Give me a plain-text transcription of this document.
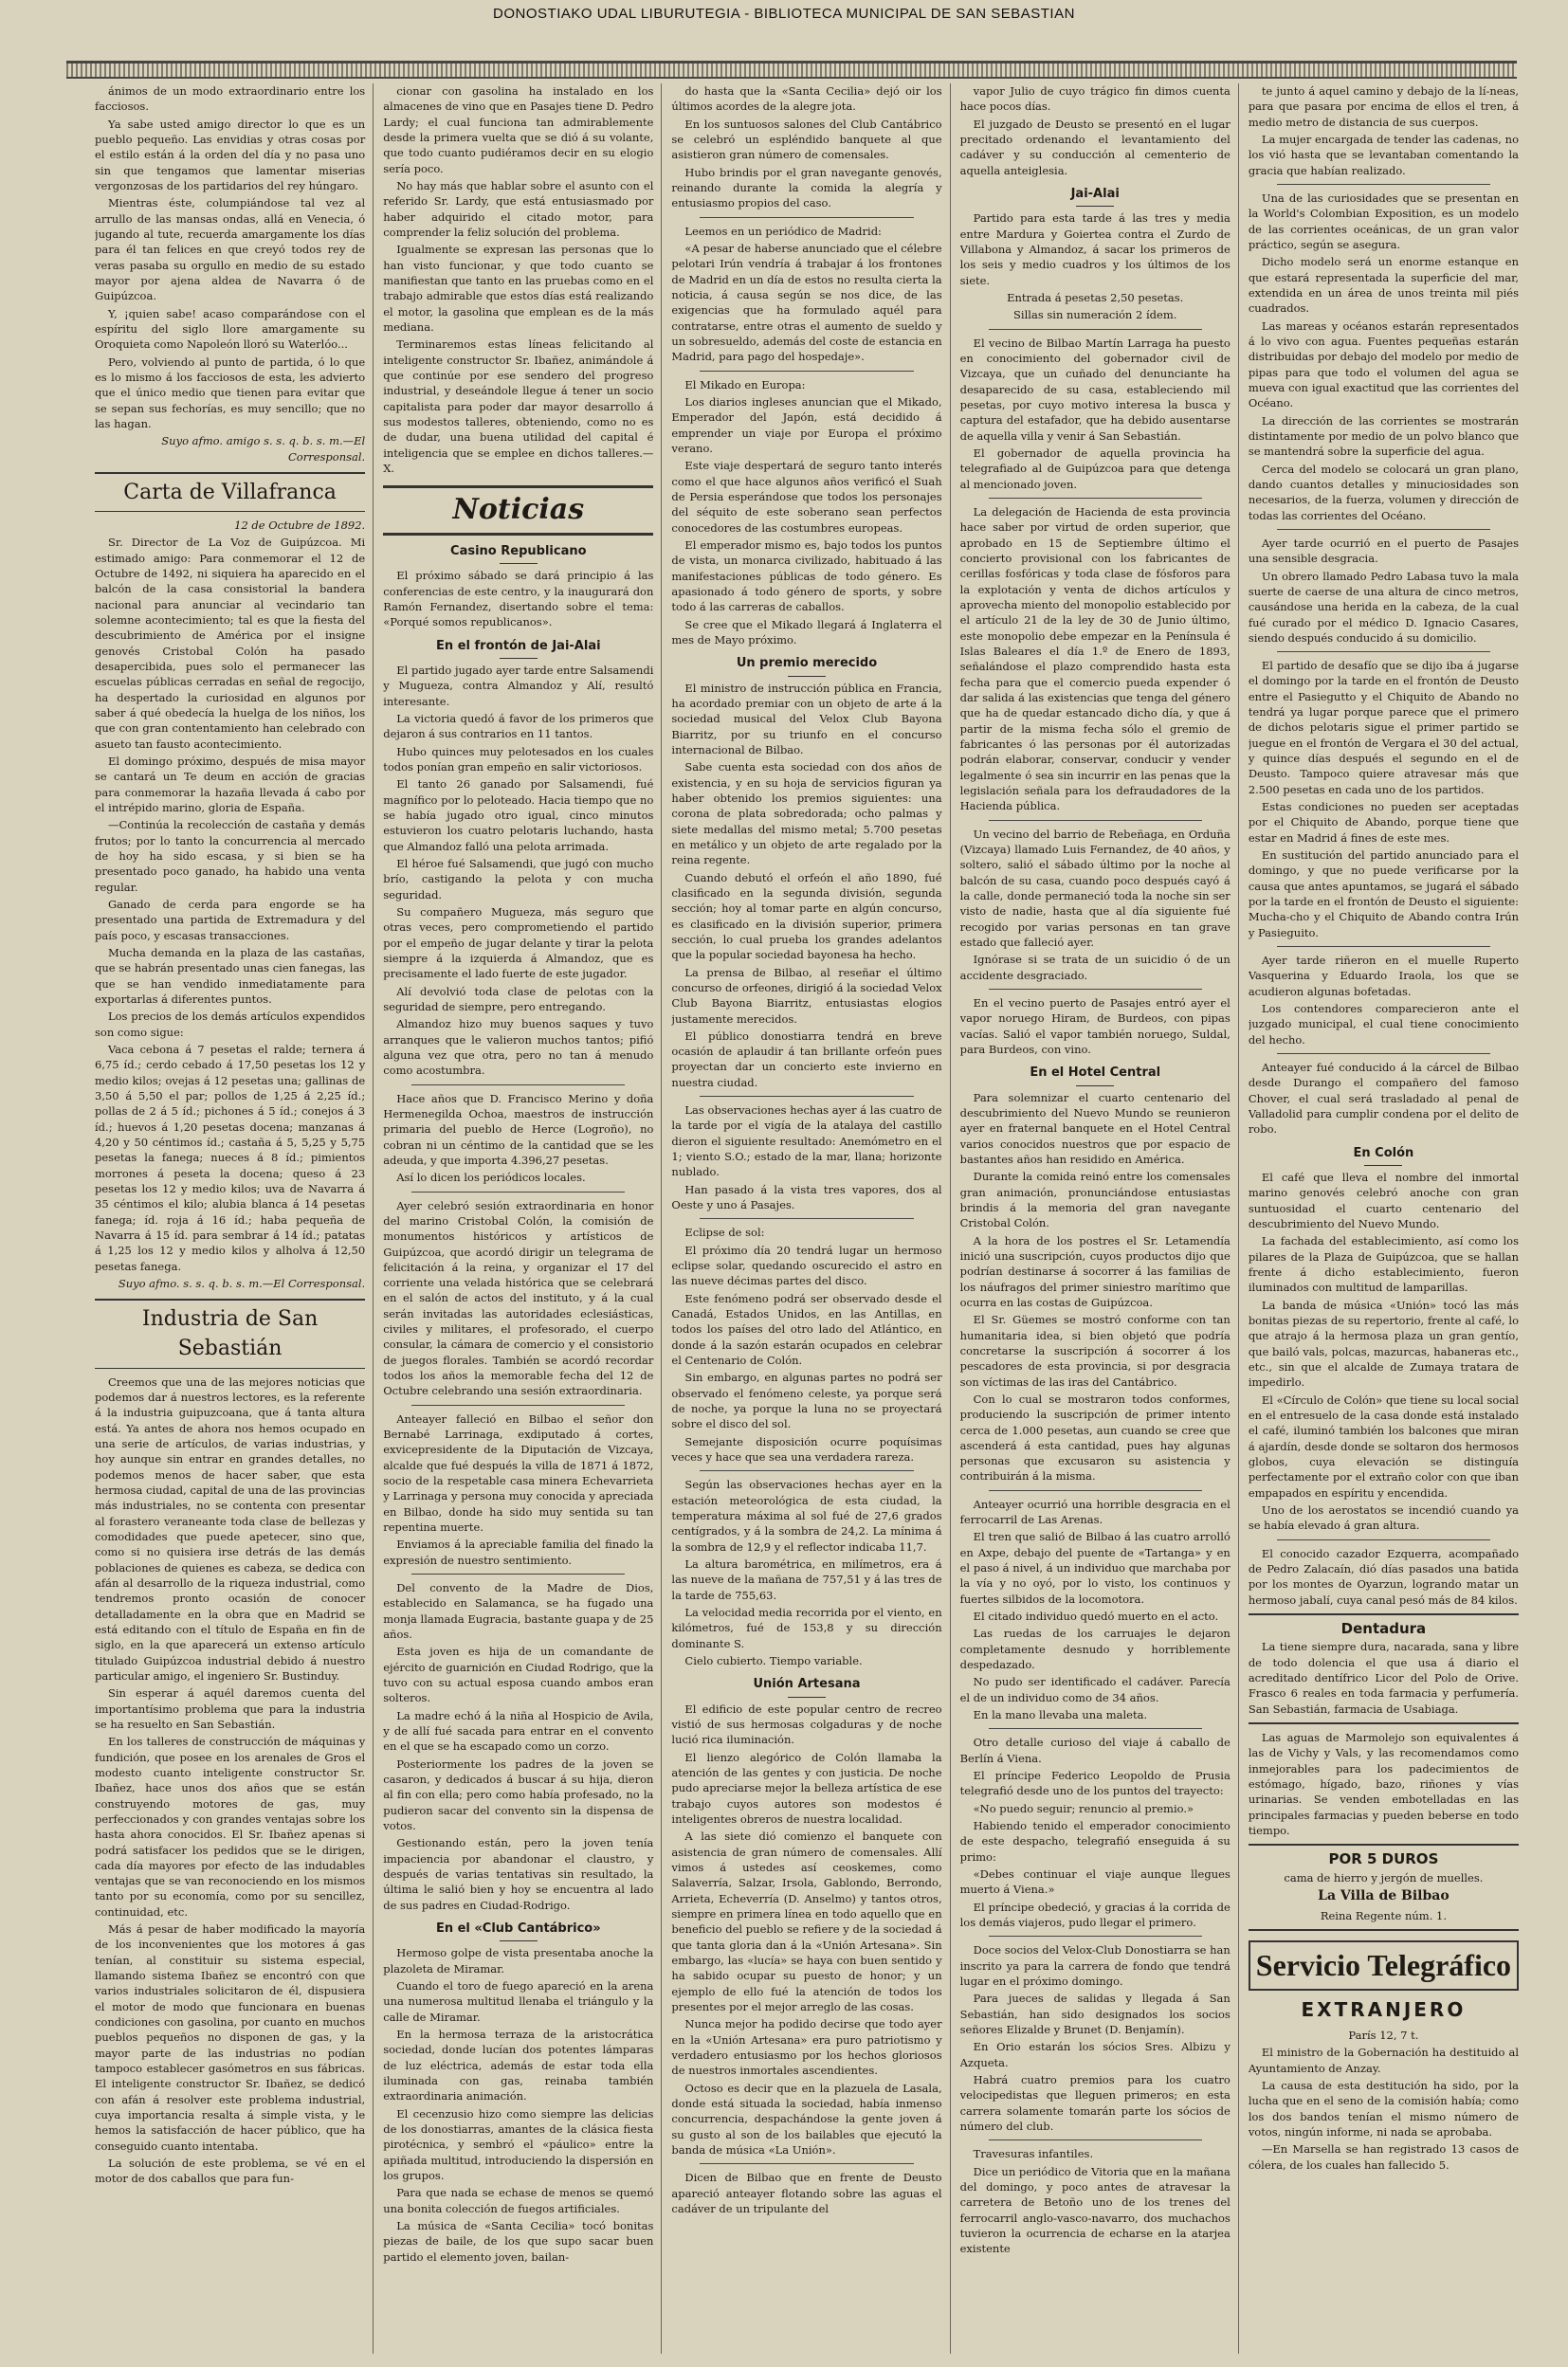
DONOSTIAKO UDAL LIBURUTEGIA - BIBLIOTECA MUNICIPAL DE SAN SEBASTIAN

ánimos de un modo extraordinario entre los facciosos.

Ya sabe usted amigo director lo que es un pueblo pequeño. Las envidias y otras cosas por el estilo están á la orden del día y no pasa uno sin que tengamos que lamentar miserias vergonzosas de los partidarios del rey húngaro.

Mientras éste, columpiándose tal vez al arrullo de las mansas ondas, allá en Venecia, ó jugando al tute, recuerda amargamente los días para él tan felices en que creyó todos rey de veras pasaba su orgullo en medio de su estado mayor por ajena aldea de Navarra ó de Guipúzcoa.

Y, ¡quien sabe! acaso comparándose con el espíritu del siglo llore amargamente su Oroquieta como Napoleón lloró su Waterlóo...

Pero, volviendo al punto de partida, ó lo que es lo mismo á los facciosos de esta, les advierto que el único medio que tienen para evitar que se sepan sus fechorías, es muy sencillo; que no las hagan.

Suyo afmo. amigo s. s. q. b. s. m.—El Corresponsal.

Carta de Villafranca

12 de Octubre de 1892.

Sr. Director de La Voz de Guipúzcoa. Mi estimado amigo: Para conmemorar el 12 de Octubre de 1492, ni siquiera ha aparecido en el balcón de la casa consistorial la bandera nacional para anunciar al vecindario tan solemne acontecimiento; tal es que la fiesta del descubrimiento de América por el insigne genovés Cristobal Colón ha pasado desapercibida, pues solo el permanecer las escuelas públicas cerradas en señal de regocijo, ha despertado la curiosidad en algunos por saber á qué obedecía la huelga de los niños, los que con gran contentamiento han celebrado con asueto tan fausto acontecimiento.

El domingo próximo, después de misa mayor se cantará un Te deum en acción de gracias para conmemorar la hazaña llevada á cabo por el intrépido marino, gloria de España.

—Continúa la recolección de castaña y demás frutos; por lo tanto la concurrencia al mercado de hoy ha sido escasa, y si bien se ha presentado poco ganado, ha habido una venta regular.

Ganado de cerda para engorde se ha presentado una partida de Extremadura y del país poco, y escasas transacciones.

Mucha demanda en la plaza de las castañas, que se habrán presentado unas cien fanegas, las que se han vendido inmediatamente para exportarlas á diferentes puntos.

Los precios de los demás artículos expendidos son como sigue:

Vaca cebona á 7 pesetas el ralde; ternera á 6,75 íd.; cerdo cebado á 17,50 pesetas los 12 y medio kilos; ovejas á 12 pesetas una; gallinas de 3,50 á 5,50 el par; pollos de 1,25 á 2,25 íd.; pollas de 2 á 5 íd.; pichones á 5 íd.; conejos á 3 íd.; huevos á 1,20 pesetas docena; manzanas á 4,20 y 50 céntimos íd.; castaña á 5, 5,25 y 5,75 pesetas la fanega; nueces á 8 íd.; pimientos morrones á peseta la docena; queso á 23 pesetas los 12 y medio kilos; uva de Navarra á 35 céntimos el kilo; alubia blanca á 14 pesetas fanega; íd. roja á 16 íd.; haba pequeña de Navarra á 15 íd. para sembrar á 14 íd.; patatas á 1,25 los 12 y medio kilos y alholva á 12,50 pesetas fanega.

Suyo afmo. s. s. q. b. s. m.—El Corresponsal.

Industria de San Sebastián

Creemos que una de las mejores noticias que podemos dar á nuestros lectores, es la referente á la industria guipuzcoana, que á tanta altura está. Ya antes de ahora nos hemos ocupado en una serie de artículos, de varias industrias, y hoy aunque sin entrar en grandes detalles, no podemos menos de hacer saber, que esta hermosa ciudad, capital de una de las provincias más industriales, no se contenta con presentar al forastero veraneante toda clase de bellezas y comodidades que puede apetecer, sino que, como si no quisiera irse detrás de las demás poblaciones de quienes es cabeza, se dedica con afán al desarrollo de la riqueza industrial, como tendremos pronto ocasión de conocer detalladamente en la obra que en Madrid se está editando con el título de España en fin de siglo, en la que aparecerá un extenso artículo titulado Guipúzcoa industrial debido á nuestro particular amigo, el ingeniero Sr. Bustinduy.

Sin esperar á aquél daremos cuenta del importantísimo problema que para la industria se ha resuelto en San Sebastián.

En los talleres de construcción de máquinas y fundición, que posee en los arenales de Gros el modesto cuanto inteligente constructor Sr. Ibañez, hace unos dos años que se están construyendo motores de gas, muy perfeccionados y con grandes ventajas sobre los hasta ahora conocidos. El Sr. Ibañez apenas si podrá satisfacer los pedidos que se le dirigen, cada día mayores por efecto de las indudables ventajas que se van reconociendo en los mismos tanto por su economía, como por su sencillez, continuidad, etc.

Más á pesar de haber modificado la mayoría de los inconvenientes que los motores á gas tenían, al constituir su sistema especial, llamando sistema Ibañez se encontró con que varios industriales solicitaron de él, dispusiera el motor de modo que funcionara en buenas condiciones con gasolina, por cuanto en muchos pueblos pequeños no disponen de gas, y la mayor parte de las industrias no podían tampoco establecer gasómetros en sus fábricas. El inteligente constructor Sr. Ibañez, se dedicó con afán á resolver este problema industrial, cuya importancia resalta á simple vista, y le hemos la satisfacción de hacer público, que ha conseguido cuanto intentaba.

La solución de este problema, se vé en el motor de dos caballos que para fun-

cionar con gasolina ha instalado en los almacenes de vino que en Pasajes tiene D. Pedro Lardy; el cual funciona tan admirablemente desde la primera vuelta que se dió á su volante, que todo cuanto pudiéramos decir en su elogio sería poco.

No hay más que hablar sobre el asunto con el referido Sr. Lardy, que está entusiasmado por haber adquirido el citado motor, para comprender la feliz solución del problema.

Igualmente se expresan las personas que lo han visto funcionar, y que todo cuanto se manifiestan que tanto en las pruebas como en el trabajo admirable que estos días está realizando el motor, la gasolina que emplean es de la más mediana.

Terminaremos estas líneas felicitando al inteligente constructor Sr. Ibañez, animándole á que continúe por ese sendero del progreso industrial, y deseándole llegue á tener un socio capitalista para poder dar mayor desarrollo á sus modestos talleres, obteniendo, como no es de dudar, una buena utilidad del capital é inteligencia que se emplee en dichos talleres.—X.

Noticias
Casino Republicano

El próximo sábado se dará principio á las conferencias de este centro, y la inaugurará don Ramón Fernandez, disertando sobre el tema: «Porqué somos republicanos».

En el frontón de Jai-Alai

El partido jugado ayer tarde entre Salsamendi y Mugueza, contra Almandoz y Alí, resultó interesante.

La victoria quedó á favor de los primeros que dejaron á sus contrarios en 11 tantos.

Hubo quinces muy pelotesados en los cuales todos ponían gran empeño en salir victoriosos.

El tanto 26 ganado por Salsamendi, fué magnífico por lo peloteado. Hacia tiempo que no se había jugado otro igual, cinco minutos estuvieron los cuatro pelotaris luchando, hasta que Almandoz falló una pelota arrimada.

El héroe fué Salsamendi, que jugó con mucho brío, castigando la pelota y con mucha seguridad.

Su compañero Mugueza, más seguro que otras veces, pero comprometiendo el partido por el empeño de jugar delante y tirar la pelota siempre á la izquierda á Almandoz, que es precisamente el lado fuerte de este jugador.

Alí devolvió toda clase de pelotas con la seguridad de siempre, pero entregando.

Almandoz hizo muy buenos saques y tuvo arranques que le valieron muchos tantos; pifió alguna vez que otra, pero no tan á menudo como acostumbra.

Hace años que D. Francisco Merino y doña Hermenegilda Ochoa, maestros de instrucción primaria del pueblo de Herce (Logroño), no cobran ni un céntimo de la cantidad que se les adeuda, y que importa 4.396,27 pesetas.

Así lo dicen los periódicos locales.

Ayer celebró sesión extraordinaria en honor del marino Cristobal Colón, la comisión de monumentos históricos y artísticos de Guipúzcoa, que acordó dirigir un telegrama de felicitación á la reina, y organizar el 17 del corriente una velada histórica que se celebrará en el salón de actos del instituto, y á la cual serán invitadas las autoridades eclesiásticas, civiles y militares, el profesorado, el cuerpo consular, la cámara de comercio y el consistorio de juegos florales. También se acordó recordar todos los años la memorable fecha del 12 de Octubre celebrando una sesión extraordinaria.

Anteayer falleció en Bilbao el señor don Bernabé Larrinaga, exdiputado á cortes, exvicepresidente de la Diputación de Vizcaya, alcalde que fué después la villa de 1871 á 1872, socio de la respetable casa minera Echevarrieta y Larrinaga y persona muy conocida y apreciada en Bilbao, donde ha sido muy sentida su tan repentina muerte.

Enviamos á la apreciable familia del finado la expresión de nuestro sentimiento.

Del convento de la Madre de Dios, establecido en Salamanca, se ha fugado una monja llamada Eugracia, bastante guapa y de 25 años.

Esta joven es hija de un comandante de ejército de guarnición en Ciudad Rodrigo, que la tuvo con su actual esposa cuando ambos eran solteros.

La madre echó á la niña al Hospicio de Avila, y de allí fué sacada para entrar en el convento en el que se ha escapado como un corzo.

Posteriormente los padres de la joven se casaron, y dedicados á buscar á su hija, dieron al fin con ella; pero como había profesado, no la pudieron sacar del convento sin la dispensa de votos.

Gestionando están, pero la joven tenía impaciencia por abandonar el claustro, y después de varias tentativas sin resultado, la última le salió bien y hoy se encuentra al lado de sus padres en Ciudad-Rodrigo.

En el «Club Cantábrico»

Hermoso golpe de vista presentaba anoche la plazoleta de Miramar.

Cuando el toro de fuego apareció en la arena una numerosa multitud llenaba el triángulo y la calle de Miramar.

En la hermosa terraza de la aristocrática sociedad, donde lucían dos potentes lámparas de luz eléctrica, además de estar toda ella iluminada con gas, reinaba también extraordinaria animación.

El cecenzusio hizo como siempre las delicias de los donostiarras, amantes de la clásica fiesta pirotécnica, y sembró el «páulico» entre la apiñada multitud, introduciendo la dispersión en los grupos.

Para que nada se echase de menos se quemó una bonita colección de fuegos artificiales.

La música de «Santa Cecilia» tocó bonitas piezas de baile, de los que supo sacar buen partido el elemento joven, bailan-

do hasta que la «Santa Cecilia» dejó oir los últimos acordes de la alegre jota.

En los suntuosos salones del Club Cantábrico se celebró un espléndido banquete al que asistieron gran número de comensales.

Hubo brindis por el gran navegante genovés, reinando durante la comida la alegría y entusiasmo propios del caso.

Leemos en un periódico de Madrid:

«A pesar de haberse anunciado que el célebre pelotari Irún vendría á trabajar á los frontones de Madrid en un día de estos no resulta cierta la noticia, á causa según se nos dice, de las exigencias que ha formulado aquél para contratarse, entre otras el aumento de sueldo y un sobresueldo, además del coste de estancia en Madrid, para pago del hospedaje».

El Mikado en Europa:

Los diarios ingleses anuncian que el Mikado, Emperador del Japón, está decidido á emprender un viaje por Europa el próximo verano.

Este viaje despertará de seguro tanto interés como el que hace algunos años verificó el Suah de Persia esperándose que todos los personajes del séquito de este soberano sean perfectos conocedores de las costumbres europeas.

El emperador mismo es, bajo todos los puntos de vista, un monarca civilizado, habituado á las manifestaciones públicas de todo género. Es apasionado á todo género de sports, y sobre todo á las carreras de caballos.

Se cree que el Mikado llegará á Inglaterra el mes de Mayo próximo.

Un premio merecido

El ministro de instrucción pública en Francia, ha acordado premiar con un objeto de arte á la sociedad musical del Velox Club Bayona Biarritz, por su triunfo en el concurso internacional de Bilbao.

Sabe cuenta esta sociedad con dos años de existencia, y en su hoja de servicios figuran ya haber obtenido los premios siguientes: una corona de plata sobredorada; ocho palmas y siete medallas del mismo metal; 5.700 pesetas en metálico y un objeto de arte regalado por la reina regente.

Cuando debutó el orfeón el año 1890, fué clasificado en la segunda división, segunda sección; hoy al tomar parte en algún concurso, es clasificado en la división superior, primera sección, lo cual prueba los grandes adelantos que la popular sociedad bayonesa ha hecho.

La prensa de Bilbao, al reseñar el último concurso de orfeones, dirigió á la sociedad Velox Club Bayona Biarritz, entusiastas elogios justamente merecidos.

El público donostiarra tendrá en breve ocasión de aplaudir á tan brillante orfeón pues proyectan dar un concierto este invierno en nuestra ciudad.

Las observaciones hechas ayer á las cuatro de la tarde por el vigía de la atalaya del castillo dieron el siguiente resultado: Anemómetro en el 1; viento S.O.; estado de la mar, llana; horizonte nublado.

Han pasado á la vista tres vapores, dos al Oeste y uno á Pasajes.

Eclipse de sol:

El próximo día 20 tendrá lugar un hermoso eclipse solar, quedando oscurecido el astro en las nueve décimas partes del disco.

Este fenómeno podrá ser observado desde el Canadá, Estados Unidos, en las Antillas, en todos los países del otro lado del Atlántico, en donde á la sazón estarán ocupados en celebrar el Centenario de Colón.

Sin embargo, en algunas partes no podrá ser observado el fenómeno celeste, ya porque será de noche, ya porque la luna no se proyectará sobre el disco del sol.

Semejante disposición ocurre poquísimas veces y hace que sea una verdadera rareza.

Según las observaciones hechas ayer en la estación meteorológica de esta ciudad, la temperatura máxima al sol fué de 27,6 grados centígrados, y á la sombra de 24,2. La mínima á la sombra de 12,9 y el reflector indicaba 11,7.

La altura barométrica, en milímetros, era á las nueve de la mañana de 757,51 y á las tres de la tarde de 755,63.

La velocidad media recorrida por el viento, en kilómetros, fué de 153,8 y su dirección dominante S.

Cielo cubierto. Tiempo variable.

Unión Artesana

El edificio de este popular centro de recreo vistió de sus hermosas colgaduras y de noche lució rica iluminación.

El lienzo alegórico de Colón llamaba la atención de las gentes y con justicia. De noche pudo apreciarse mejor la belleza artística de ese trabajo cuyos autores son modestos é inteligentes obreros de nuestra localidad.

A las siete dió comienzo el banquete con asistencia de gran número de comensales. Allí vimos á ustedes así ceoskemes, como Salaverría, Salzar, Irsola, Gablondo, Berrondo, Arrieta, Echeverría (D. Anselmo) y tantos otros, siempre en primera línea en todo aquello que en beneficio del pueblo se refiere y de la sociedad á que tanta gloria dan á la «Unión Artesana». Sin embargo, las «lucía» se haya con buen sentido y ha sabido ocupar su puesto de honor; y un ejemplo de ello fué la atención de todos los presentes por el mejor arreglo de las cosas.

Nunca mejor ha podido decirse que todo ayer en la «Unión Artesana» era puro patriotismo y verdadero entusiasmo por los hechos gloriosos de nuestros inmortales ascendientes.

Octoso es decir que en la plazuela de Lasala, donde está situada la sociedad, había inmenso concurrencia, despachándose la gente joven á su gusto al son de los bailables que ejecutó la banda de música «La Unión».

Dicen de Bilbao que en frente de Deusto apareció anteayer flotando sobre las aguas el cadáver de un tripulante del

vapor Julio de cuyo trágico fin dimos cuenta hace pocos días.

El juzgado de Deusto se presentó en el lugar precitado ordenando el levantamiento del cadáver y su conducción al cementerio de aquella anteiglesia.

Jai-Alai

Partido para esta tarde á las tres y media entre Mardura y Goiertea contra el Zurdo de Villabona y Almandoz, á sacar los primeros de los seis y medio cuadros y los últimos de los siete.

Entrada á pesetas 2,50 pesetas.

Sillas sin numeración 2 ídem.

El vecino de Bilbao Martín Larraga ha puesto en conocimiento del gobernador civil de Vizcaya, que un cuñado del denunciante ha desaparecido de su casa, estableciendo mil pesetas, por cuyo motivo interesa la busca y captura del estafador, que ha debido ausentarse de aquella villa y venir á San Sebastián.

El gobernador de aquella provincia ha telegrafiado al de Guipúzcoa para que detenga al mencionado joven.

La delegación de Hacienda de esta provincia hace saber por virtud de orden superior, que aprobado en 15 de Septiembre último el concierto provisional con los fabricantes de cerillas fosfóricas y toda clase de fósforos para la explotación y venta de dichos artículos y aprovecha miento del monopolio establecido por el artículo 21 de la ley de 30 de Junio último, este monopolio debe empezar en la Península é Islas Baleares el día 1.º de Enero de 1893, señalándose el plazo comprendido hasta esta fecha para que el comercio pueda expender ó dar salida á las existencias que tenga del género que ha de quedar estancado dicho día, y que á partir de la misma fecha sólo el gremio de fabricantes ó las personas por él autorizadas podrán elaborar, conservar, conducir y vender legalmente ó sea sin incurrir en las penas que la legislación señala para los defraudadores de la Hacienda pública.

Un vecino del barrio de Rebeñaga, en Orduña (Vizcaya) llamado Luis Fernandez, de 40 años, y soltero, salió el sábado último por la noche al balcón de su casa, cuando poco después cayó á la calle, donde permaneció toda la noche sin ser visto de nadie, hasta que al día siguiente fué recogido por varias personas en tan grave estado que falleció ayer.

Ignórase si se trata de un suicidio ó de un accidente desgraciado.

En el vecino puerto de Pasajes entró ayer el vapor noruego Hiram, de Burdeos, con pipas vacías. Salió el vapor también noruego, Suldal, para Burdeos, con vino.

En el Hotel Central

Para solemnizar el cuarto centenario del descubrimiento del Nuevo Mundo se reunieron ayer en fraternal banquete en el Hotel Central varios conocidos nuestros que por espacio de bastantes años han residido en América.

Durante la comida reinó entre los comensales gran animación, pronunciándose entusiastas brindis á la memoria del gran navegante Cristobal Colón.

A la hora de los postres el Sr. Letamendía inició una suscripción, cuyos productos dijo que podrían destinarse á socorrer á las familias de los náufragos del primer siniestro marítimo que ocurra en las costas de Guipúzcoa.

El Sr. Güemes se mostró conforme con tan humanitaria idea, si bien objetó que podría concretarse la suscripción á socorrer á los pescadores de esta provincia, si por desgracia son víctimas de las iras del Cantábrico.

Con lo cual se mostraron todos conformes, produciendo la suscripción de primer intento cerca de 1.000 pesetas, aun cuando se cree que ascenderá á esta cantidad, pues hay algunas personas que excusaron su asistencia y contribuirán á la misma.

Anteayer ocurrió una horrible desgracia en el ferrocarril de Las Arenas.

El tren que salió de Bilbao á las cuatro arrolló en Axpe, debajo del puente de «Tartanga» y en el paso á nivel, á un individuo que marchaba por la vía y no oyó, por lo visto, los continuos y fuertes silbidos de la locomotora.

El citado individuo quedó muerto en el acto.

Las ruedas de los carruajes le dejaron completamente desnudo y horriblemente despedazado.

No pudo ser identificado el cadáver. Parecía el de un individuo como de 34 años.

En la mano llevaba una maleta.

Otro detalle curioso del viaje á caballo de Berlín á Viena.

El príncipe Federico Leopoldo de Prusia telegrafió desde uno de los puntos del trayecto:

«No puedo seguir; renuncio al premio.»

Habiendo tenido el emperador conocimiento de este despacho, telegrafió enseguida á su primo:

«Debes continuar el viaje aunque llegues muerto á Viena.»

El príncipe obedeció, y gracias á la corrida de los demás viajeros, pudo llegar el primero.

Doce socios del Velox-Club Donostiarra se han inscrito ya para la carrera de fondo que tendrá lugar en el próximo domingo.

Para jueces de salidas y llegada á San Sebastián, han sido designados los socios señores Elizalde y Brunet (D. Benjamín).

En Orio estarán los sócios Sres. Albizu y Azqueta.

Habrá cuatro premios para los cuatro velocipedistas que lleguen primeros; en esta carrera solamente tomarán parte los sócios de número del club.

Travesuras infantiles.

Dice un periódico de Vitoria que en la mañana del domingo, y poco antes de atravesar la carretera de Betoño uno de los trenes del ferrocarril anglo-vasco-navarro, dos muchachos tuvieron la ocurrencia de echarse en la atarjea existente

te junto á aquel camino y debajo de la lí-neas, para que pasara por encima de ellos el tren, á medio metro de distancia de sus cuerpos.

La mujer encargada de tender las cadenas, no los vió hasta que se levantaban comentando la gracia que habían realizado.

Una de las curiosidades que se presentan en la World's Colombian Exposition, es un modelo de las corrientes oceánicas, de un gran valor práctico, según se asegura.

Dicho modelo será un enorme estanque en que estará representada la superficie del mar, extendida en un área de unos treinta mil piés cuadrados.

Las mareas y océanos estarán representados á lo vivo con agua. Fuentes pequeñas estarán distribuidas por debajo del modelo por medio de pipas para que todo el volumen del agua se mueva con igual exactitud que las corrientes del Océano.

La dirección de las corrientes se mostrarán distintamente por medio de un polvo blanco que se mantendrá sobre la superficie del agua.

Cerca del modelo se colocará un gran plano, dando cuantos detalles y minuciosidades son necesarios, de la fuerza, volumen y dirección de todas las corrientes del Océano.

Ayer tarde ocurrió en el puerto de Pasajes una sensible desgracia.

Un obrero llamado Pedro Labasa tuvo la mala suerte de caerse de una altura de cinco metros, causándose una herida en la cabeza, de la cual fué curado por el médico D. Ignacio Casares, siendo después conducido á su domicilio.

El partido de desafío que se dijo iba á jugarse el domingo por la tarde en el frontón de Deusto entre el Pasiegutto y el Chiquito de Abando no tendrá ya lugar porque parece que el primero de dichos pelotaris sigue el primer partido se juegue en el frontón de Vergara el 30 del actual, y quince días después el segundo en el de Deusto. Tampoco quiere atravesar más que 2.500 pesetas en cada uno de los partidos.

Estas condiciones no pueden ser aceptadas por el Chiquito de Abando, porque tiene que estar en Madrid á fines de este mes.

En sustitución del partido anunciado para el domingo, y que no puede verificarse por la causa que antes apuntamos, se jugará el sábado por la tarde en el frontón de Deusto el siguiente: Mucha-cho y el Chiquito de Abando contra Irún y Pasieguito.

Ayer tarde riñeron en el muelle Ruperto Vasquerina y Eduardo Iraola, los que se acudieron algunas bofetadas.

Los contendores comparecieron ante el juzgado municipal, el cual tiene conocimiento del hecho.

Anteayer fué conducido á la cárcel de Bilbao desde Durango el compañero del famoso Chover, el cual será trasladado al penal de Valladolid para cumplir condena por el delito de robo.

En Colón

El café que lleva el nombre del inmortal marino genovés celebró anoche con gran suntuosidad el cuarto centenario del descubrimiento del Nuevo Mundo.

La fachada del establecimiento, así como los pilares de la Plaza de Guipúzcoa, que se hallan frente á dicho establecimiento, fueron iluminados con multitud de lamparillas.

La banda de música «Unión» tocó las más bonitas piezas de su repertorio, frente al café, lo que atrajo á la hermosa plaza un gran gentío, que bailó vals, polcas, mazurcas, habaneras etc., etc., sin que el alcalde de Zumaya tratara de impedirlo.

El «Círculo de Colón» que tiene su local social en el entresuelo de la casa donde está instalado el café, iluminó también los balcones que miran á ajardín, desde donde se soltaron dos hermosos globos, cuya elevación se distinguía perfectamente por el extraño color con que iban empapados en espíritu y encendida.

Uno de los aerostatos se incendió cuando ya se había elevado á gran altura.

El conocido cazador Ezquerra, acompañado de Pedro Zalacaín, dió días pasados una batida por los montes de Oyarzun, logrando matar un hermoso jabalí, cuya canal pesó más de 84 kilos.

Dentadura

La tiene siempre dura, nacarada, sana y libre de todo dolencia el que usa á diario el acreditado dentífrico Licor del Polo de Orive. Frasco 6 reales en toda farmacia y perfumería. San Sebastián, farmacia de Usabiaga.

Las aguas de Marmolejo son equivalentes á las de Vichy y Vals, y las recomendamos como inmejorables para los padecimientos de estómago, hígado, bazo, riñones y vías urinarias. Se venden embotelladas en las principales farmacias y pueden beberse en todo tiempo.

POR 5 DUROS

cama de hierro y jergón de muelles.

La Villa de Bilbao

Reina Regente núm. 1.

Servicio Telegráfico
EXTRANJERO

París 12, 7 t.

El ministro de la Gobernación ha destituido al Ayuntamiento de Anzay.

La causa de esta destitución ha sido, por la lucha que en el seno de la comisión había; como los dos bandos tenían el mismo número de votos, ningún informe, ni nada se aprobaba.

—En Marsella se han registrado 13 casos de cólera, de los cuales han fallecido 5.
